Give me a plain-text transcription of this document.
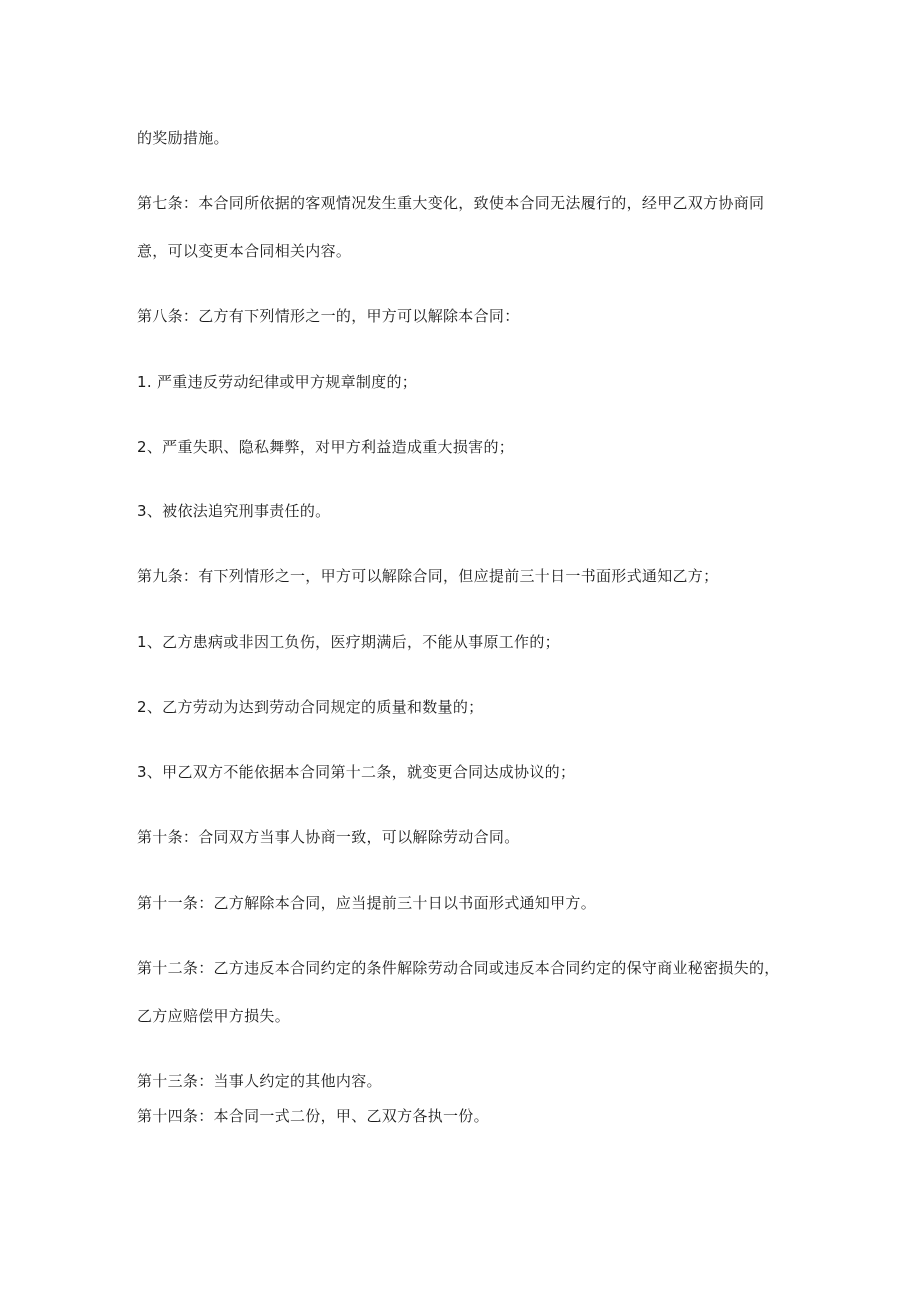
的奖励措施。

第七条：本合同所依据的客观情况发生重大变化，致使本合同无法履行的，经甲乙双方协商同

意，可以变更本合同相关内容。

第八条：乙方有下列情形之一的，甲方可以解除本合同：

1. 严重违反劳动纪律或甲方规章制度的；

2、严重失职、隐私舞弊，对甲方利益造成重大损害的；

3、被依法追究刑事责任的。

第九条：有下列情形之一，甲方可以解除合同，但应提前三十日一书面形式通知乙方；

1、乙方患病或非因工负伤，医疗期满后，不能从事原工作的；

2、乙方劳动为达到劳动合同规定的质量和数量的；

3、甲乙双方不能依据本合同第十二条，就变更合同达成协议的；

第十条：合同双方当事人协商一致，可以解除劳动合同。

第十一条：乙方解除本合同，应当提前三十日以书面形式通知甲方。

第十二条：乙方违反本合同约定的条件解除劳动合同或违反本合同约定的保守商业秘密损失的，

乙方应赔偿甲方损失。

第十三条：当事人约定的其他内容。

第十四条：本合同一式二份，甲、乙双方各执一份。
